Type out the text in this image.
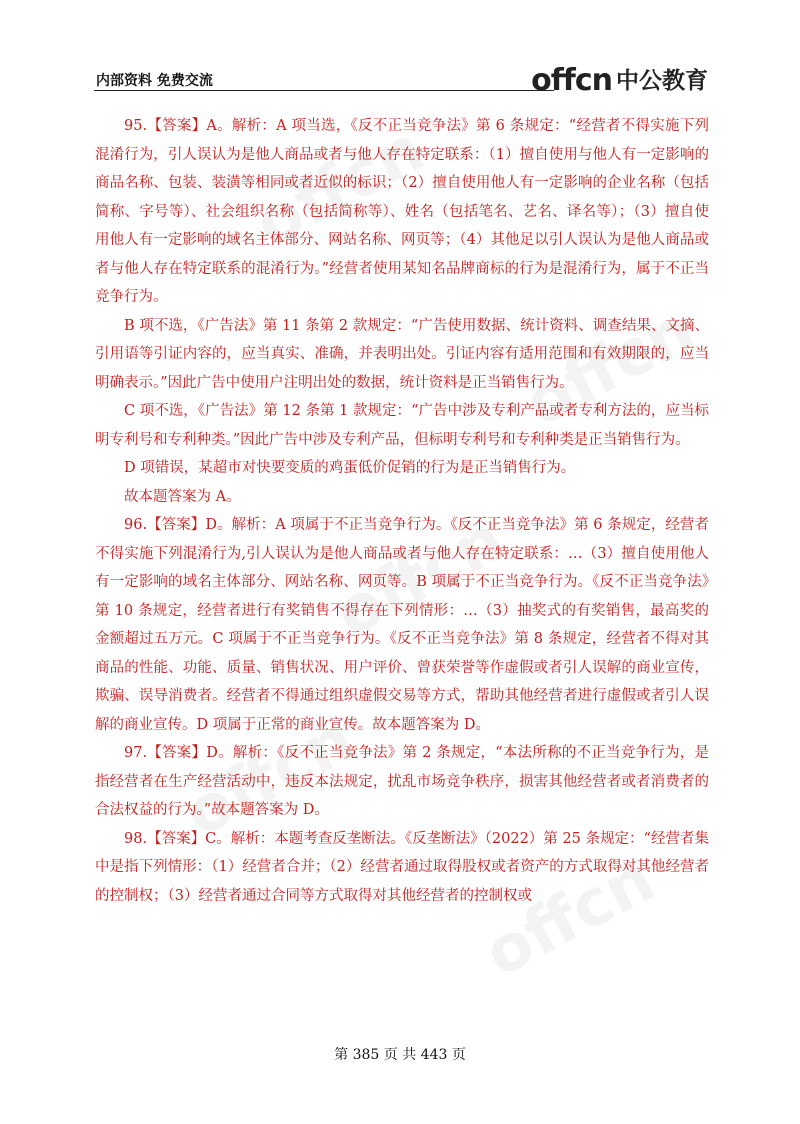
内部资料 免费交流	offcn 中公教育

95.【答案】A。解析：A 项当选，《反不正当竞争法》第 6 条规定：“经营者不得实施下列混淆行为，引人误认为是他人商品或者与他人存在特定联系：（1）擅自使用与他人有一定影响的商品名称、包装、装潢等相同或者近似的标识；（2）擅自使用他人有一定影响的企业名称（包括简称、字号等）、社会组织名称（包括简称等）、姓名（包括笔名、艺名、译名等）；（3）擅自使用他人有一定影响的域名主体部分、网站名称、网页等；（4）其他足以引人误认为是他人商品或者与他人存在特定联系的混淆行为。”经营者使用某知名品牌商标的行为是混淆行为，属于不正当竞争行为。

B 项不选，《广告法》第 11 条第 2 款规定：“广告使用数据、统计资料、调查结果、文摘、引用语等引证内容的，应当真实、准确，并表明出处。引证内容有适用范围和有效期限的，应当明确表示。”因此广告中使用户注明出处的数据，统计资料是正当销售行为。

C 项不选，《广告法》第 12 条第 1 款规定：“广告中涉及专利产品或者专利方法的，应当标明专利号和专利种类。”因此广告中涉及专利产品，但标明专利号和专利种类是正当销售行为。

D 项错误，某超市对快要变质的鸡蛋低价促销的行为是正当销售行为。

故本题答案为 A。

96.【答案】D。解析：A 项属于不正当竞争行为。《反不正当竞争法》第 6 条规定，经营者不得实施下列混淆行为,引人误认为是他人商品或者与他人存在特定联系：…（3）擅自使用他人有一定影响的域名主体部分、网站名称、网页等。B 项属于不正当竞争行为。《反不正当竞争法》第 10 条规定，经营者进行有奖销售不得存在下列情形：…（3）抽奖式的有奖销售，最高奖的金额超过五万元。C 项属于不正当竞争行为。《反不正当竞争法》第 8 条规定，经营者不得对其商品的性能、功能、质量、销售状况、用户评价、曾获荣誉等作虚假或者引人误解的商业宣传，欺骗、误导消费者。经营者不得通过组织虚假交易等方式，帮助其他经营者进行虚假或者引人误解的商业宣传。D 项属于正常的商业宣传。故本题答案为 D。

97.【答案】D。解析：《反不正当竞争法》第 2 条规定，“本法所称的不正当竞争行为，是指经营者在生产经营活动中，违反本法规定，扰乱市场竞争秩序，损害其他经营者或者消费者的合法权益的行为。”故本题答案为 D。

98.【答案】C。解析：本题考查反垄断法。《反垄断法》（2022）第 25 条规定：“经营者集中是指下列情形：（1）经营者合并；（2）经营者通过取得股权或者资产的方式取得对其他经营者的控制权；（3）经营者通过合同等方式取得对其他经营者的控制权或

第 385 页 共 443 页
